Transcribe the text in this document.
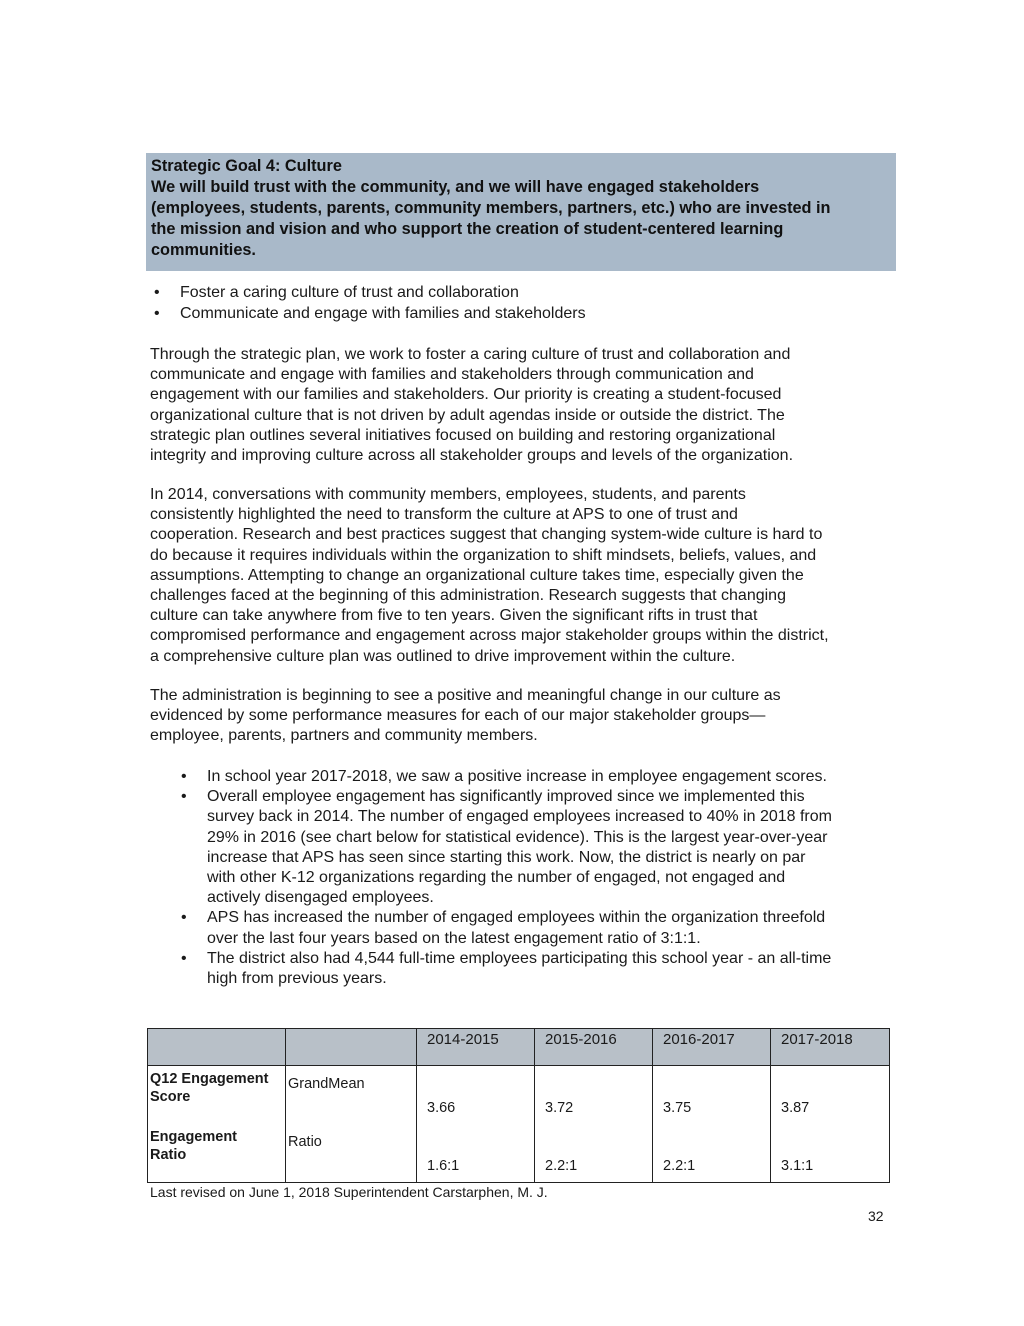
Strategic Goal 4: Culture
We will build trust with the community, and we will have engaged stakeholders
(employees, students, parents, community members, partners, etc.) who are invested in
the mission and vision and who support the creation of student-centered learning
communities.
• Foster a caring culture of trust and collaboration
• Communicate and engage with families and stakeholders
Through the strategic plan, we work to foster a caring culture of trust and collaboration and
communicate and engage with families and stakeholders through communication and
engagement with our families and stakeholders. Our priority is creating a student-focused
organizational culture that is not driven by adult agendas inside or outside the district. The
strategic plan outlines several initiatives focused on building and restoring organizational
integrity and improving culture across all stakeholder groups and levels of the organization.
In 2014, conversations with community members, employees, students, and parents
consistently highlighted the need to transform the culture at APS to one of trust and
cooperation. Research and best practices suggest that changing system-wide culture is hard to
do because it requires individuals within the organization to shift mindsets, beliefs, values, and
assumptions. Attempting to change an organizational culture takes time, especially given the
challenges faced at the beginning of this administration. Research suggests that changing
culture can take anywhere from five to ten years. Given the significant rifts in trust that
compromised performance and engagement across major stakeholder groups within the district,
a comprehensive culture plan was outlined to drive improvement within the culture.
The administration is beginning to see a positive and meaningful change in our culture as
evidenced by some performance measures for each of our major stakeholder groups—
employee, parents, partners and community members.
• In school year 2017-2018, we saw a positive increase in employee engagement scores.
• Overall employee engagement has significantly improved since we implemented this
survey back in 2014. The number of engaged employees increased to 40% in 2018 from
29% in 2016 (see chart below for statistical evidence). This is the largest year-over-year
increase that APS has seen since starting this work. Now, the district is nearly on par
with other K-12 organizations regarding the number of engaged, not engaged and
actively disengaged employees.
• APS has increased the number of engaged employees within the organization threefold
over the last four years based on the latest engagement ratio of 3:1:1.
• The district also had 4,544 full-time employees participating this school year - an all-time
high from previous years.
		2014-2015	2015-2016	2016-2017	2017-2018

Q12 Engagement
Score	GrandMean	3.66	3.72	3.75	3.87

Engagement
Ratio	Ratio	1.6:1	2.2:1	2.2:1	3.1:1
Last revised on June 1, 2018 Superintendent Carstarphen, M. J.
32
